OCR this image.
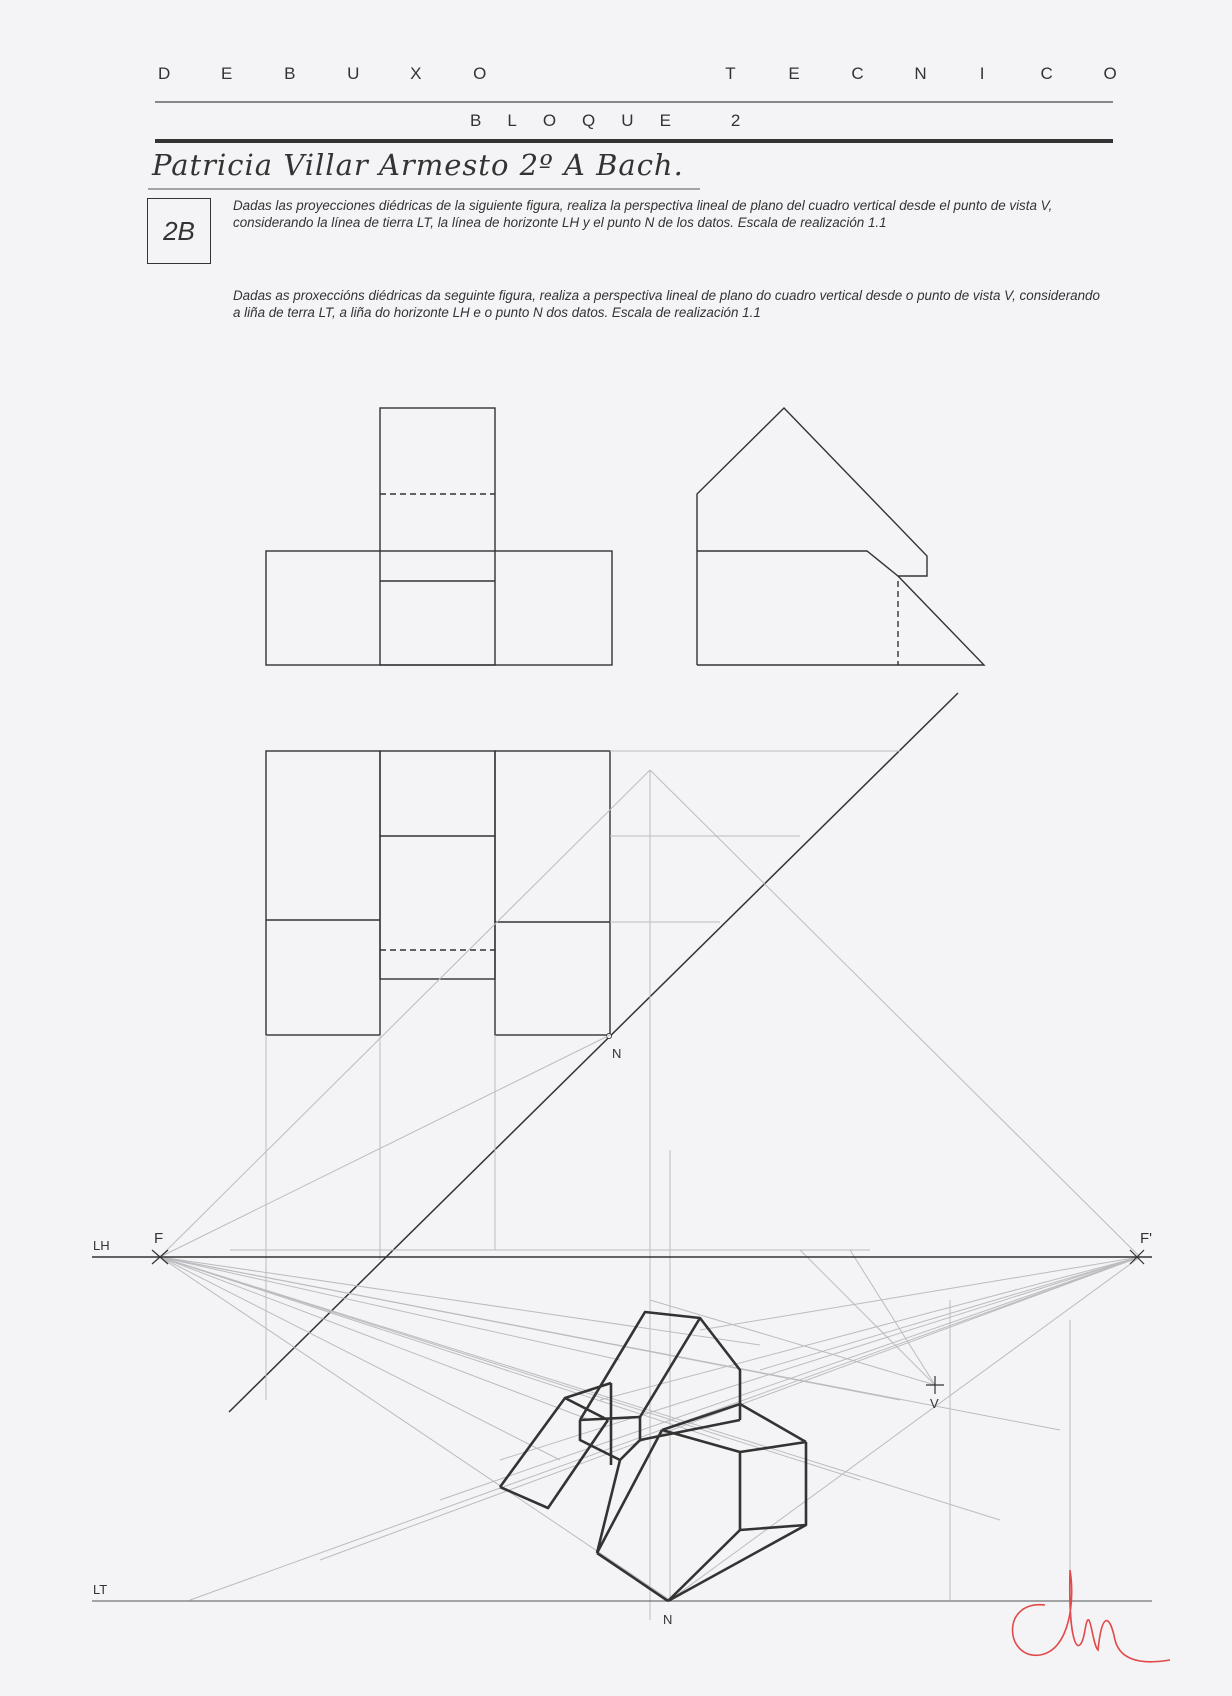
D	E	B	U	X	O	T	E	C	N	I	C	O
B L O Q U E	2
Patricia Villar Armesto 2º A Bach.
2B
Dadas las proyecciones diédricas de la siguiente figura, realiza la perspectiva lineal de plano del cuadro vertical desde el punto de vista V, considerando la línea de tierra LT, la línea de horizonte LH y el punto N de los datos. Escala de realización 1.1
Dadas as proxeccións diédricas da seguinte figura, realiza a perspectiva lineal de plano do cuadro vertical desde o punto de vista V, considerando a liña de terra LT, a liña do horizonte LH e o punto N dos datos. Escala de realización 1.1
LH
LT
F	F'
N
N
V
